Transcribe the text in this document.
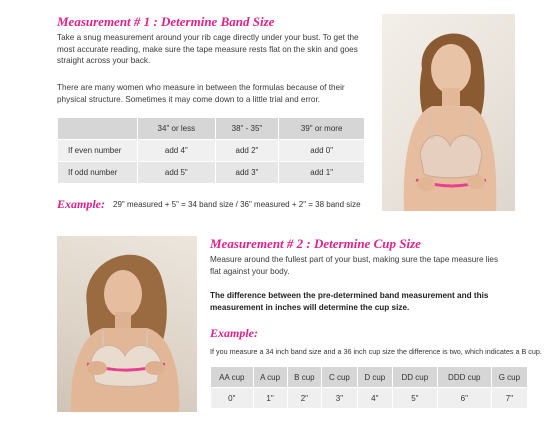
Measurement # 1 : Determine Band Size
Take a snug measurement around your rib cage directly under your bust. To get the most accurate reading, make sure the tape measure rests flat on the skin and goes straight across your back.
There are many women who measure in between the formulas because of their physical structure. Sometimes it may come down to a little trial and error.
	34" or less	38" - 35"	39" or more
If even number	add 4"	add 2"	add 0"
If odd number	add 5"	add 3"	add 1"
Example: 29" measured + 5" = 34 band size / 36" measured + 2" = 38 band size
Measurement # 2 : Determine Cup Size
Measure around the fullest part of your bust, making sure the tape measure lies flat against your body.
The difference between the pre-determined band measurement and this measurement in inches will determine the cup size.
Example:
If you measure a 34 inch band size and a 36 inch cup size the difference is two, which indicates a B cup.
AA cup	A cup	B cup	C cup	D cup	DD cup	DDD cup	G cup
0"	1"	2"	3"	4"	5"	6"	7"
